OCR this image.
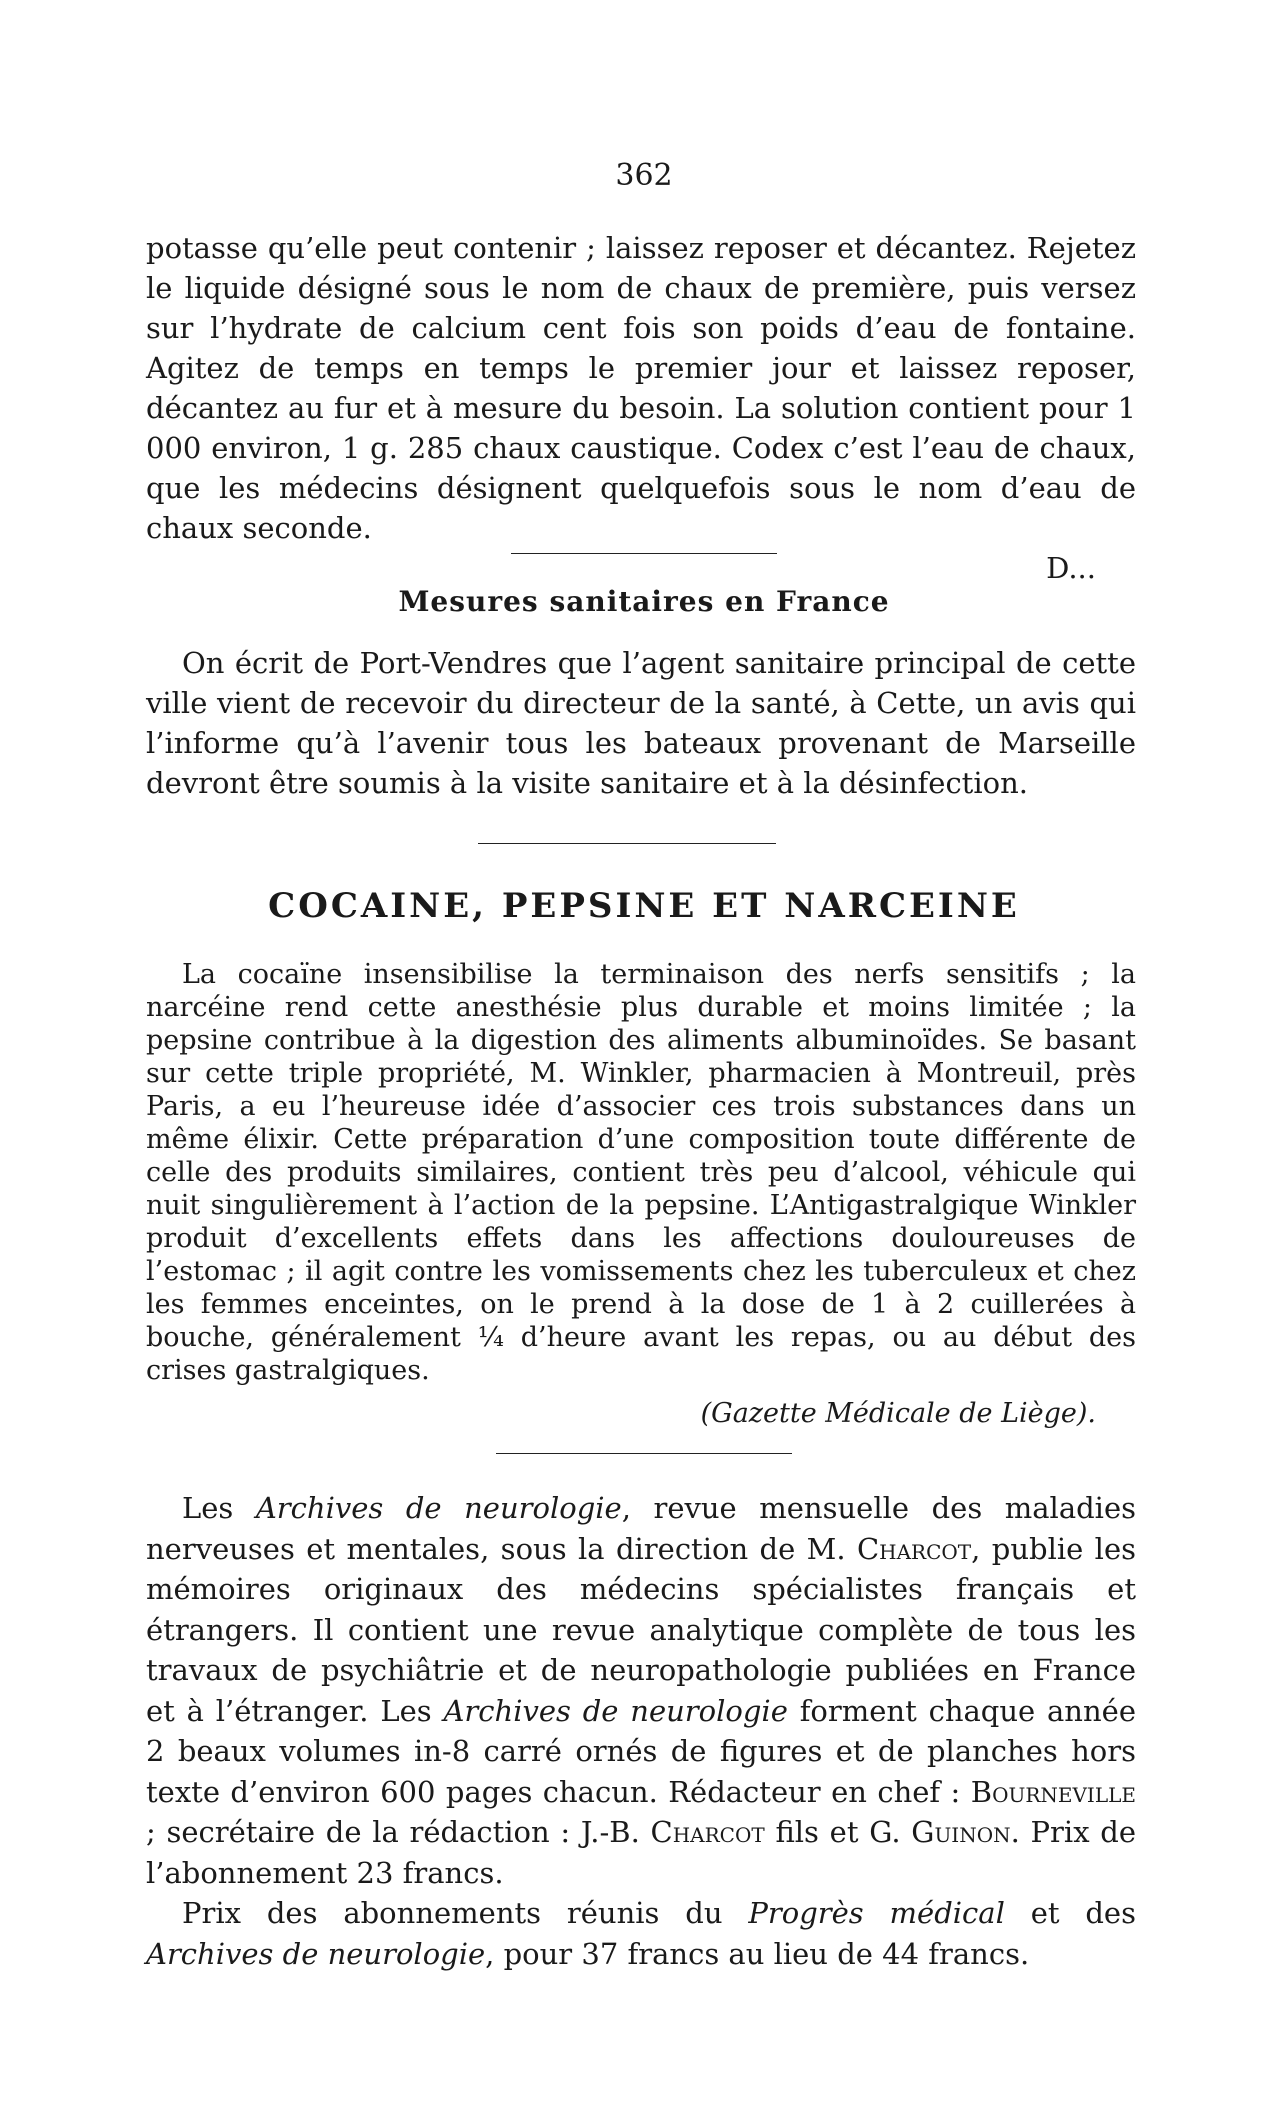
362

potasse qu’elle peut contenir ; laissez reposer et décantez. Rejetez le liquide désigné sous le nom de chaux de première, puis versez sur l’hydrate de calcium cent fois son poids d’eau de fontaine. Agitez de temps en temps le premier jour et laissez reposer, décantez au fur et à mesure du besoin. La solution contient pour 1 000 environ, 1 g. 285 chaux caustique. Codex c’est l’eau de chaux, que les médecins désignent quelquefois sous le nom d’eau de chaux seconde.

D...

Mesures sanitaires en France

On écrit de Port-Vendres que l’agent sanitaire principal de cette ville vient de recevoir du directeur de la santé, à Cette, un avis qui l’informe qu’à l’avenir tous les bateaux provenant de Marseille devront être soumis à la visite sanitaire et à la désinfection.

COCAINE, PEPSINE ET NARCEINE

La cocaïne insensibilise la terminaison des nerfs sensitifs ; la narcéine rend cette anesthésie plus durable et moins limitée ; la pepsine contribue à la digestion des aliments albuminoïdes. Se basant sur cette triple propriété, M. Winkler, pharmacien à Montreuil, près Paris, a eu l’heureuse idée d’associer ces trois substances dans un même élixir. Cette préparation d’une composition toute différente de celle des produits similaires, contient très peu d’alcool, véhicule qui nuit singulièrement à l’action de la pepsine. L’Antigastralgique Winkler produit d’excellents effets dans les affections douloureuses de l’estomac ; il agit contre les vomissements chez les tuberculeux et chez les femmes enceintes, on le prend à la dose de 1 à 2 cuillerées à bouche, généralement ¼ d’heure avant les repas, ou au début des crises gastralgiques.

(Gazette Médicale de Liège).

Les Archives de neurologie, revue mensuelle des maladies nerveuses et mentales, sous la direction de M. Charcot, publie les mémoires originaux des médecins spécialistes français et étrangers. Il contient une revue analytique complète de tous les travaux de psychiâtrie et de neuropathologie publiées en France et à l’étranger. Les Archives de neurologie forment chaque année 2 beaux volumes in-8 carré ornés de figures et de planches hors texte d’environ 600 pages chacun. Rédacteur en chef : Bourneville ; secrétaire de la rédaction : J.-B. Charcot fils et G. Guinon. Prix de l’abonnement 23 francs.

Prix des abonnements réunis du Progrès médical et des Archives de neurologie, pour 37 francs au lieu de 44 francs.
